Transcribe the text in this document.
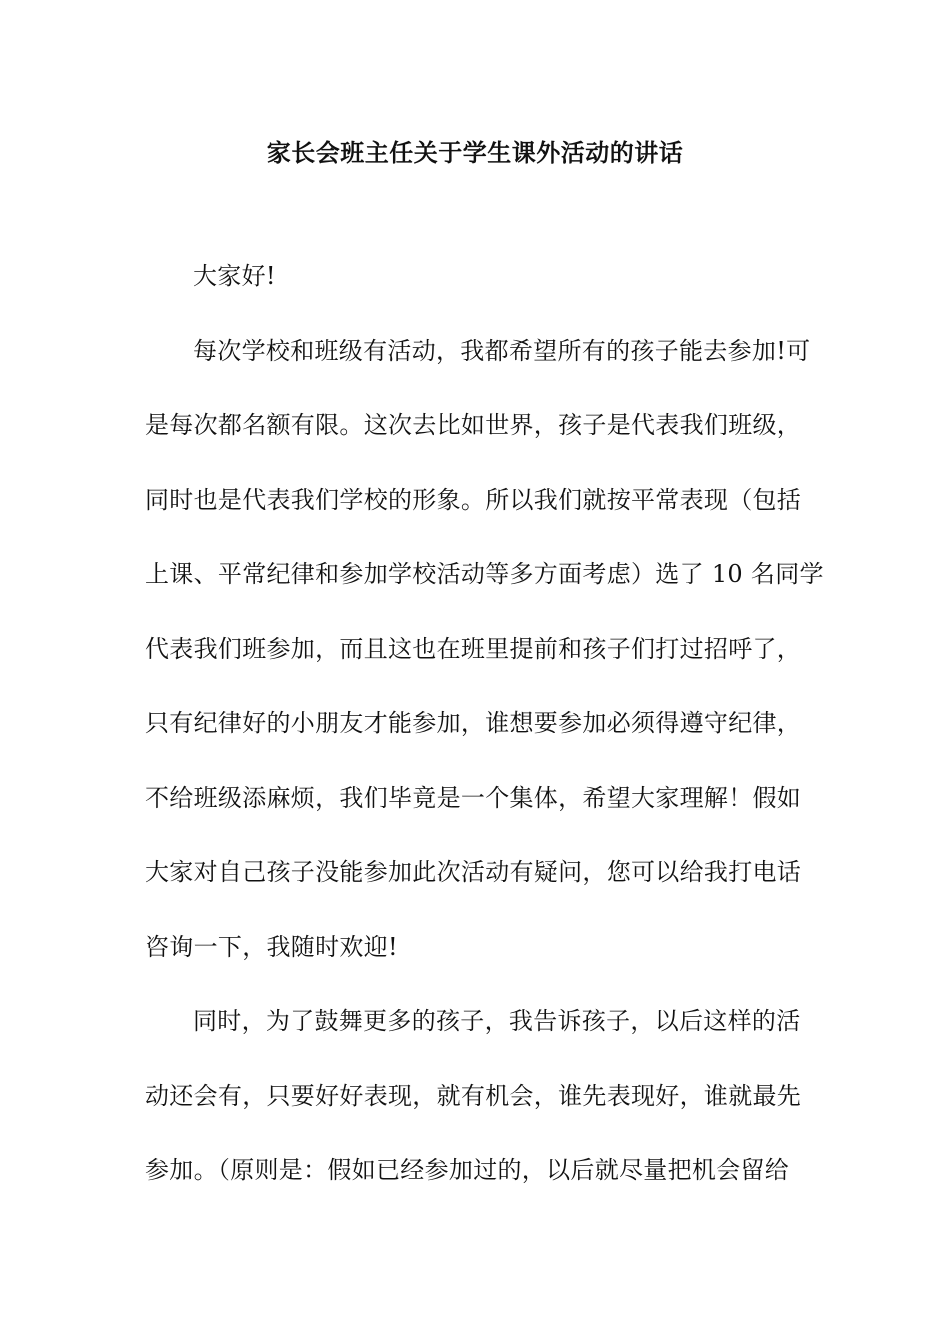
家长会班主任关于学生课外活动的讲话
大家好!
每次学校和班级有活动，我都希望所有的孩子能去参加!可
是每次都名额有限。这次去比如世界，孩子是代表我们班级，
同时也是代表我们学校的形象。所以我们就按平常表现（包括
上课、平常纪律和参加学校活动等多方面考虑）选了 10 名同学
代表我们班参加，而且这也在班里提前和孩子们打过招呼了，
只有纪律好的小朋友才能参加，谁想要参加必须得遵守纪律，
不给班级添麻烦，我们毕竟是一个集体，希望大家理解！假如
大家对自己孩子没能参加此次活动有疑问，您可以给我打电话
咨询一下，我随时欢迎!
同时，为了鼓舞更多的孩子，我告诉孩子，以后这样的活
动还会有，只要好好表现，就有机会，谁先表现好，谁就最先
参加。（原则是：假如已经参加过的，以后就尽量把机会留给
